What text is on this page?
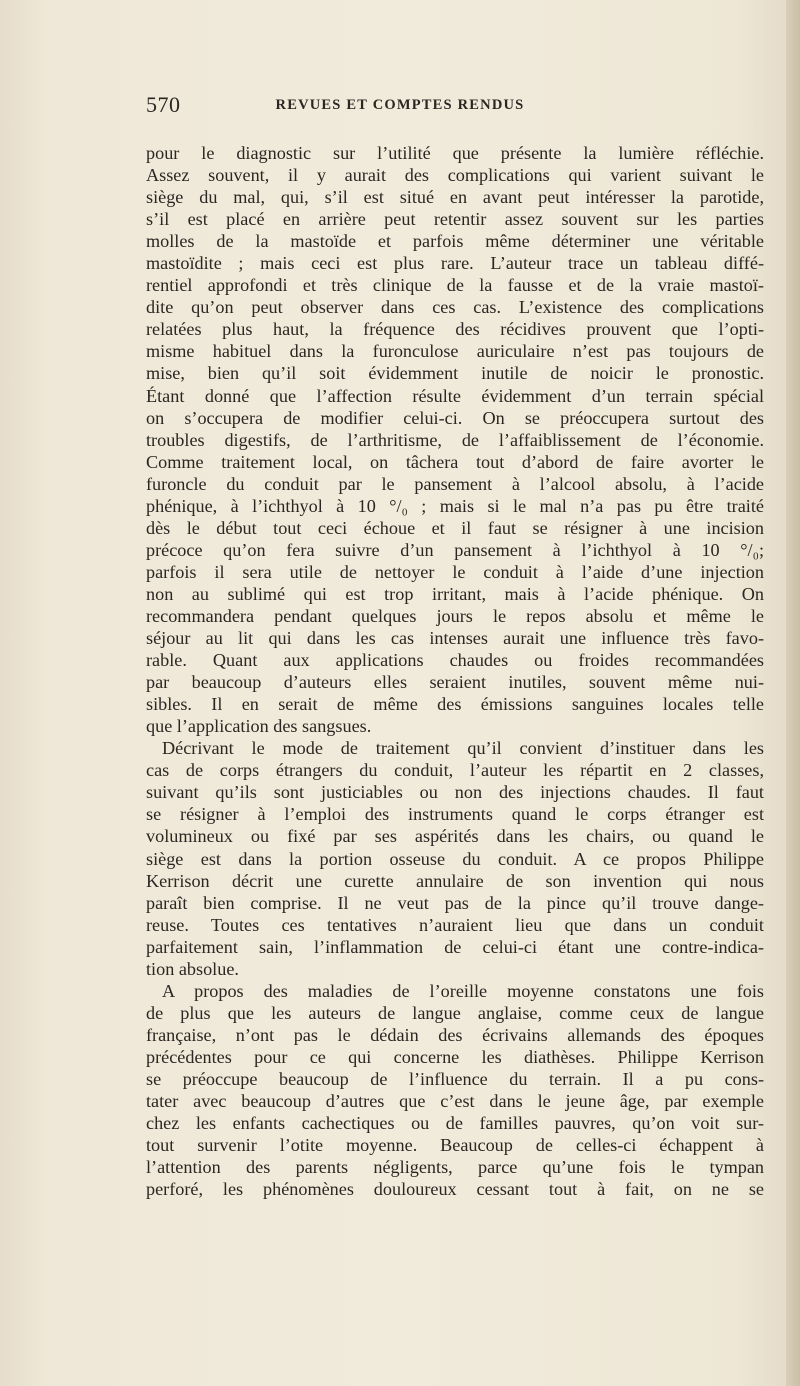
570	REVUES ET COMPTES RENDUS
pour le diagnostic sur l’utilité que présente la lumière réfléchie.
Assez souvent, il y aurait des complications qui varient suivant le
siège du mal, qui, s’il est situé en avant peut intéresser la parotide,
s’il est placé en arrière peut retentir assez souvent sur les parties
molles de la mastoïde et parfois même déterminer une véritable
mastoïdite ; mais ceci est plus rare. L’auteur trace un tableau diffé-
rentiel approfondi et très clinique de la fausse et de la vraie mastoï-
dite qu’on peut observer dans ces cas. L’existence des complications
relatées plus haut, la fréquence des récidives prouvent que l’opti-
misme habituel dans la furonculose auriculaire n’est pas toujours de
mise, bien qu’il soit évidemment inutile de noicir le pronostic.
Étant donné que l’affection résulte évidemment d’un terrain spécial
on s’occupera de modifier celui-ci. On se préoccupera surtout des
troubles digestifs, de l’arthritisme, de l’affaiblissement de l’économie.
Comme traitement local, on tâchera tout d’abord de faire avorter le
furoncle du conduit par le pansement à l’alcool absolu, à l’acide
phénique, à l’ichthyol à 10 °/₀ ; mais si le mal n’a pas pu être traité
dès le début tout ceci échoue et il faut se résigner à une incision
précoce qu’on fera suivre d’un pansement à l’ichthyol à 10 °/₀;
parfois il sera utile de nettoyer le conduit à l’aide d’une injection
non au sublimé qui est trop irritant, mais à l’acide phénique. On
recommandera pendant quelques jours le repos absolu et même le
séjour au lit qui dans les cas intenses aurait une influence très favo-
rable. Quant aux applications chaudes ou froides recommandées
par beaucoup d’auteurs elles seraient inutiles, souvent même nui-
sibles. Il en serait de même des émissions sanguines locales telle
que l’application des sangsues.
Décrivant le mode de traitement qu’il convient d’instituer dans les
cas de corps étrangers du conduit, l’auteur les répartit en 2 classes,
suivant qu’ils sont justiciables ou non des injections chaudes. Il faut
se résigner à l’emploi des instruments quand le corps étranger est
volumineux ou fixé par ses aspérités dans les chairs, ou quand le
siège est dans la portion osseuse du conduit. A ce propos Philippe
Kerrison décrit une curette annulaire de son invention qui nous
paraît bien comprise. Il ne veut pas de la pince qu’il trouve dange-
reuse. Toutes ces tentatives n’auraient lieu que dans un conduit
parfaitement sain, l’inflammation de celui-ci étant une contre-indica-
tion absolue.
A propos des maladies de l’oreille moyenne constatons une fois
de plus que les auteurs de langue anglaise, comme ceux de langue
française, n’ont pas le dédain des écrivains allemands des époques
précédentes pour ce qui concerne les diathèses. Philippe Kerrison
se préoccupe beaucoup de l’influence du terrain. Il a pu cons-
tater avec beaucoup d’autres que c’est dans le jeune âge, par exemple
chez les enfants cachectiques ou de familles pauvres, qu’on voit sur-
tout survenir l’otite moyenne. Beaucoup de celles-ci échappent à
l’attention des parents négligents, parce qu’une fois le tympan
perforé, les phénomènes douloureux cessant tout à fait, on ne se
